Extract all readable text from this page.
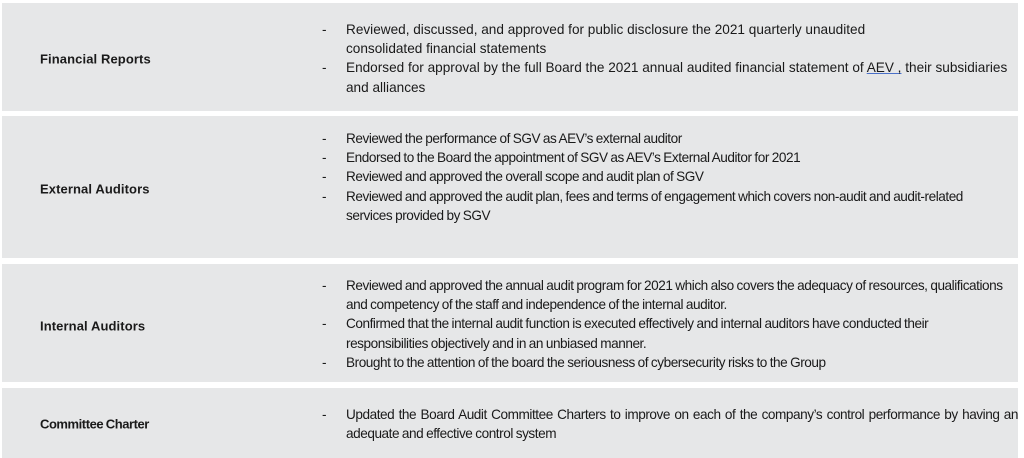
Financial Reports
- Reviewed, discussed, and approved for public disclosure the 2021 quarterly unaudited consolidated financial statements
- Endorsed for approval by the full Board the 2021 annual audited financial statement of AEV , their subsidiaries and alliances
External Auditors
- Reviewed the performance of SGV as AEV’s external auditor
- Endorsed to the Board the appointment of SGV as AEV’s External Auditor for 2021
- Reviewed and approved the overall scope and audit plan of SGV
- Reviewed and approved the audit plan, fees and terms of engagement which covers non-audit and audit-related services provided by SGV
Internal Auditors
- Reviewed and approved the annual audit program for 2021 which also covers the adequacy of resources, qualifications and competency of the staff and independence of the internal auditor.
- Confirmed that the internal audit function is executed effectively and internal auditors have conducted their responsibilities objectively and in an unbiased manner.
- Brought to the attention of the board the seriousness of cybersecurity risks to the Group
Committee Charter
- Updated the Board Audit Committee Charters to improve on each of the company’s control performance by having an adequate and effective control system
